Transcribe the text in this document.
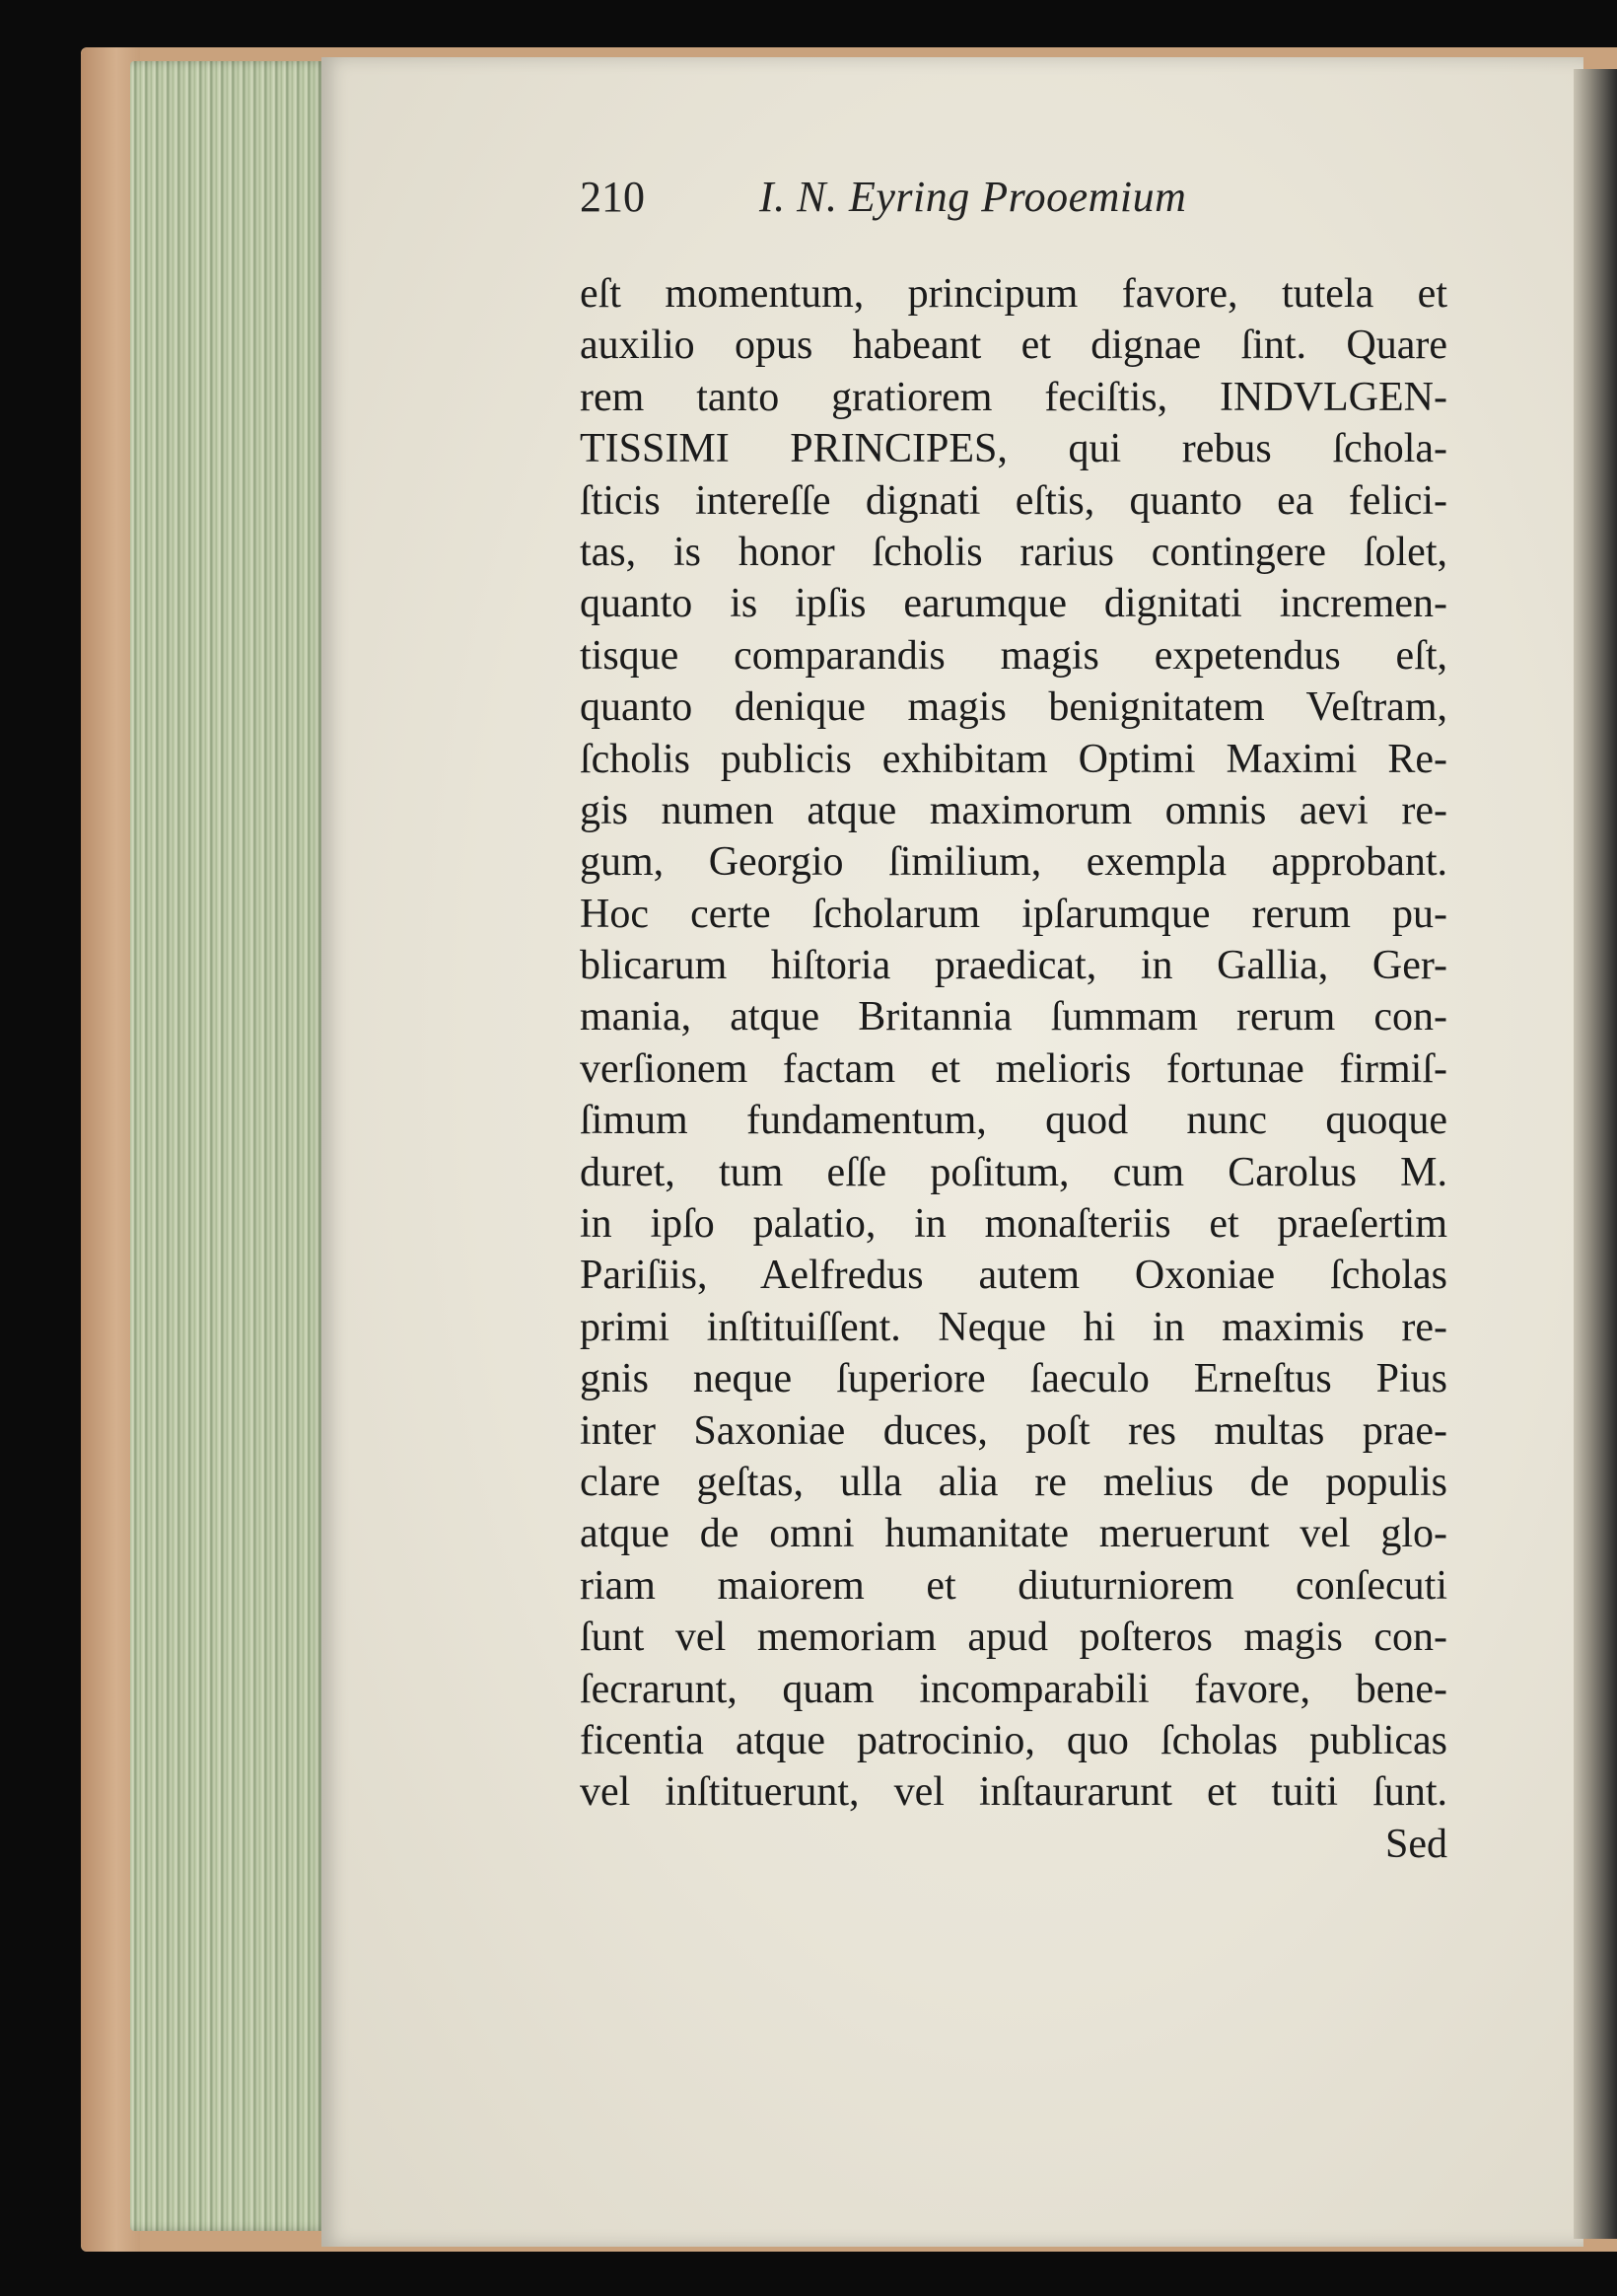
210	I. N. Eyring Prooemium
eſt momentum, principum favore, tutela et
auxilio opus habeant et dignae ſint. Quare
rem tanto gratiorem feciſtis, INDVLGEN-
TISSIMI PRINCIPES, qui rebus ſchola-
ſticis intereſſe dignati eſtis, quanto ea felici-
tas, is honor ſcholis rarius contingere ſolet,
quanto is ipſis earumque dignitati incremen-
tisque comparandis magis expetendus eſt,
quanto denique magis benignitatem Veſtram,
ſcholis publicis exhibitam Optimi Maximi Re-
gis numen atque maximorum omnis aevi re-
gum, Georgio ſimilium, exempla approbant.
Hoc certe ſcholarum ipſarumque rerum pu-
blicarum hiſtoria praedicat, in Gallia, Ger-
mania, atque Britannia ſummam rerum con-
verſionem factam et melioris fortunae firmiſ-
ſimum fundamentum, quod nunc quoque
duret, tum eſſe poſitum, cum Carolus M.
in ipſo palatio, in monaſteriis et praeſertim
Pariſiis, Aelfredus autem Oxoniae ſcholas
primi inſtituiſſent. Neque hi in maximis re-
gnis neque ſuperiore ſaeculo Erneſtus Pius
inter Saxoniae duces, poſt res multas prae-
clare geſtas, ulla alia re melius de populis
atque de omni humanitate meruerunt vel glo-
riam maiorem et diuturniorem conſecuti
ſunt vel memoriam apud poſteros magis con-
ſecrarunt, quam incomparabili favore, bene-
ficentia atque patrocinio, quo ſcholas publicas
vel inſtituerunt, vel inſtaurarunt et tuiti ſunt.
Sed
